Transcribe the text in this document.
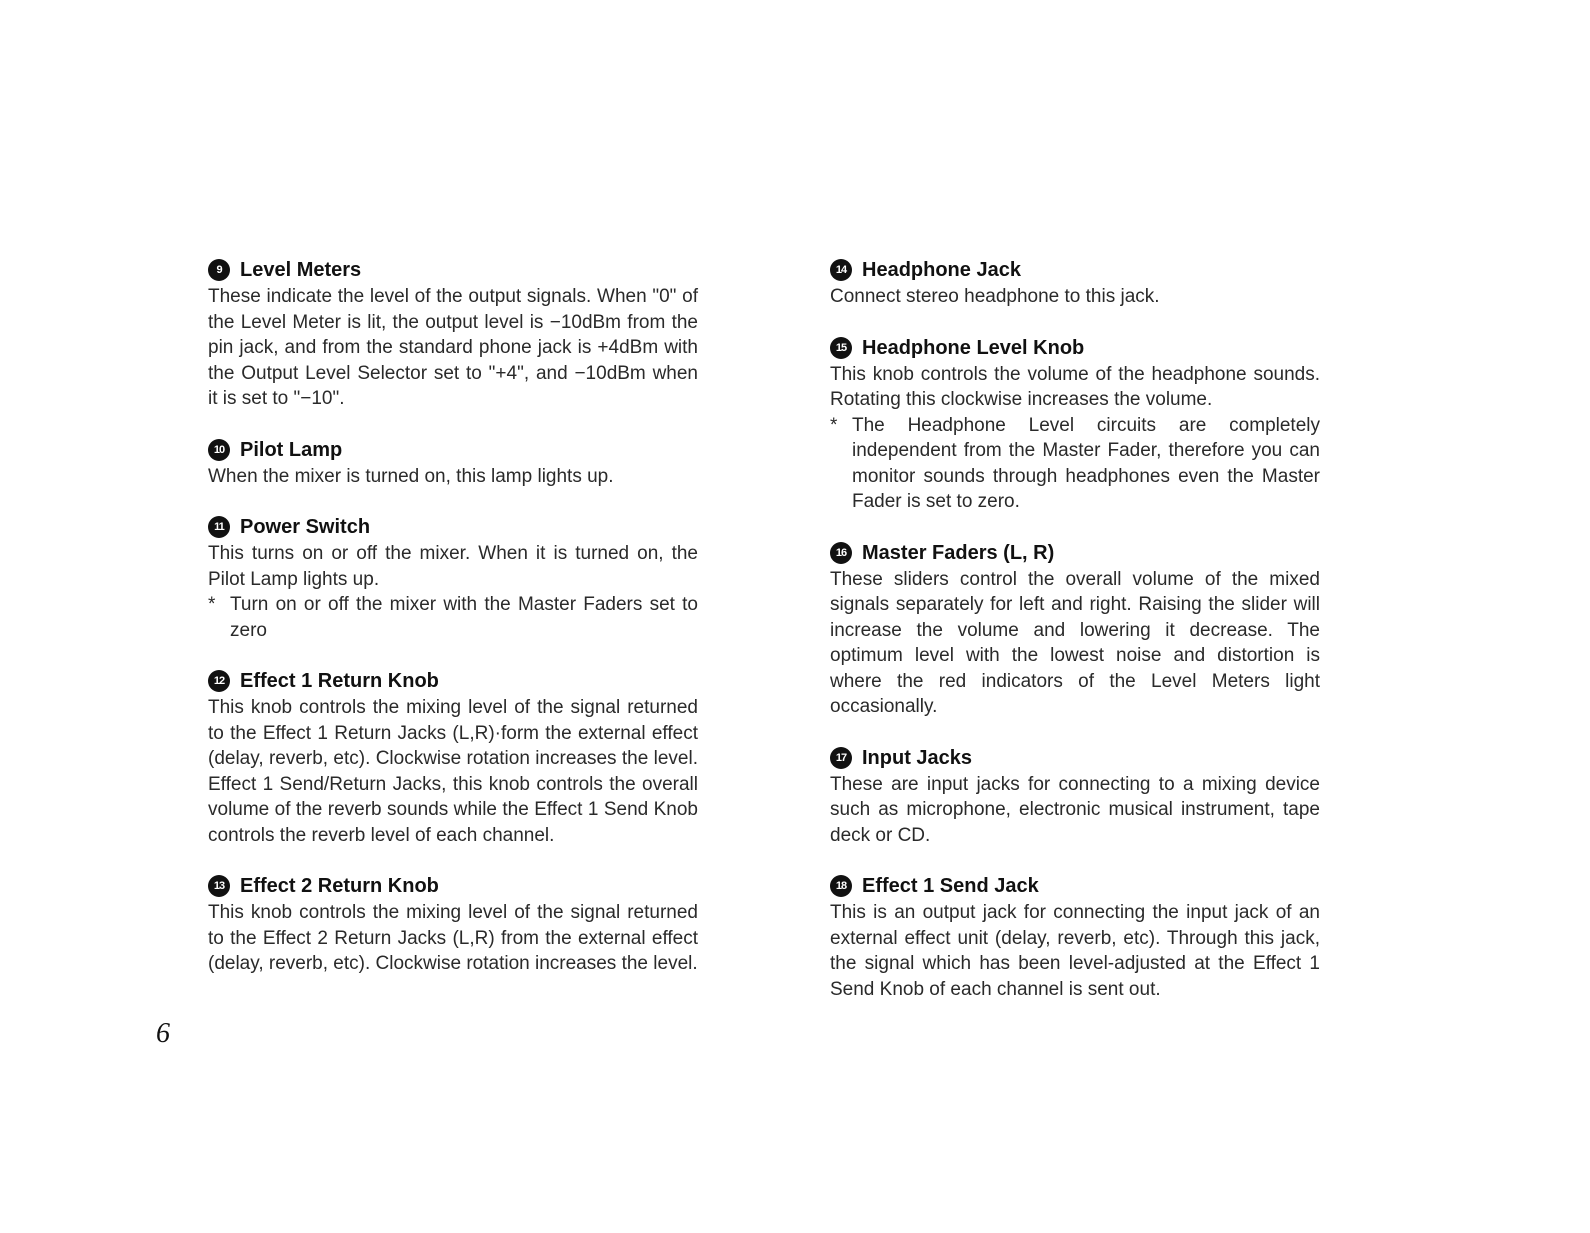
9 Level Meters

These indicate the level of the output signals. When "0" of the Level Meter is lit, the output level is −10dBm from the pin jack, and from the standard phone jack is +4dBm with the Output Level Selector set to "+4", and −10dBm when it is set to "−10".

10 Pilot Lamp

When the mixer is turned on, this lamp lights up.

11 Power Switch

This turns on or off the mixer. When it is turned on, the Pilot Lamp lights up.

* Turn on or off the mixer with the Master Faders set to zero

12 Effect 1 Return Knob

This knob controls the mixing level of the signal returned to the Effect 1 Return Jacks (L,R)·form the external effect (delay, reverb, etc). Clockwise rotation increases the level. Effect 1 Send/Return Jacks, this knob controls the overall volume of the reverb sounds while the Effect 1 Send Knob controls the reverb level of each channel.

13 Effect 2 Return Knob

This knob controls the mixing level of the signal returned to the Effect 2 Return Jacks (L,R) from the external effect (delay, reverb, etc). Clockwise rotation increases the level.

14 Headphone Jack

Connect stereo headphone to this jack.

15 Headphone Level Knob

This knob controls the volume of the headphone sounds. Rotating this clockwise increases the volume.

* The Headphone Level circuits are completely independent from the Master Fader, therefore you can monitor sounds through headphones even the Master Fader is set to zero.

16 Master Faders (L, R)

These sliders control the overall volume of the mixed signals separately for left and right. Raising the slider will increase the volume and lowering it decrease. The optimum level with the lowest noise and distortion is where the red indicators of the Level Meters light occasionally.

17 Input Jacks

These are input jacks for connecting to a mixing device such as microphone, electronic musical instrument, tape deck or CD.

18 Effect 1 Send Jack

This is an output jack for connecting the input jack of an external effect unit (delay, reverb, etc). Through this jack, the signal which has been level-adjusted at the Effect 1 Send Knob of each channel is sent out.

6
